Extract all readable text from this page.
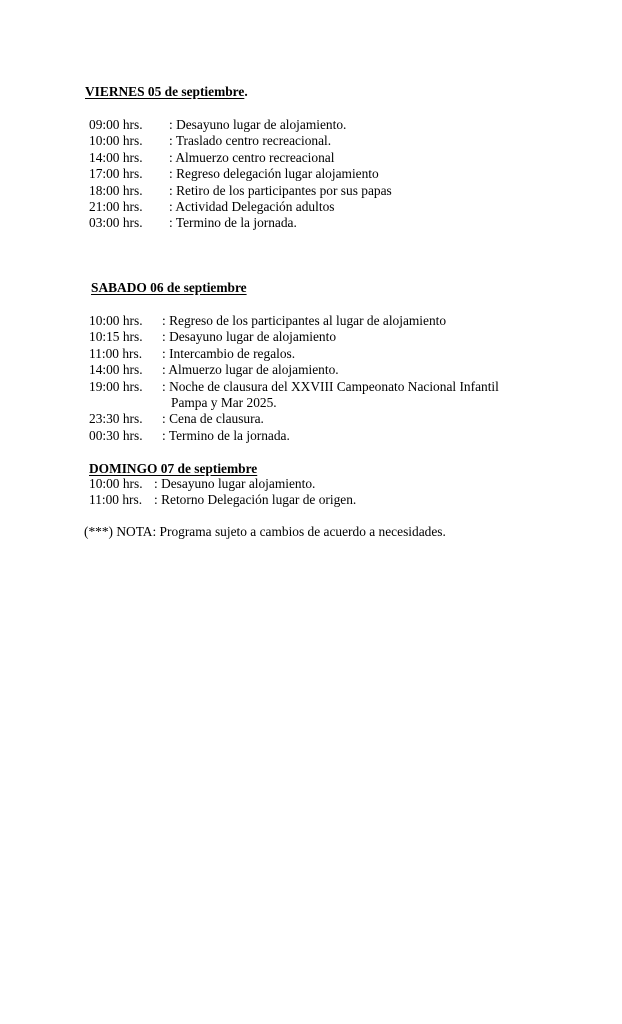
VIERNES 05 de septiembre.
09:00 hrs.	: Desayuno lugar de alojamiento.
10:00 hrs.	: Traslado centro recreacional.
14:00 hrs.	: Almuerzo centro recreacional
17:00 hrs.	: Regreso delegación lugar alojamiento
18:00 hrs.	: Retiro de los participantes por sus papas
21:00 hrs.	: Actividad Delegación adultos
03:00 hrs.	: Termino de la jornada.
SABADO 06 de septiembre
10:00 hrs.	: Regreso de los participantes al lugar de alojamiento
10:15 hrs.	: Desayuno lugar de alojamiento
11:00 hrs.	: Intercambio de regalos.
14:00 hrs.	: Almuerzo lugar de alojamiento.
19:00 hrs.	: Noche de clausura del XXVIII Campeonato Nacional Infantil
Pampa y Mar 2025.
23:30 hrs.	: Cena de clausura.
00:30 hrs.	: Termino de la jornada.
DOMINGO 07 de septiembre
10:00 hrs. : Desayuno lugar alojamiento.
11:00 hrs. : Retorno Delegación lugar de origen.

(***) NOTA: Programa sujeto a cambios de acuerdo a necesidades.
